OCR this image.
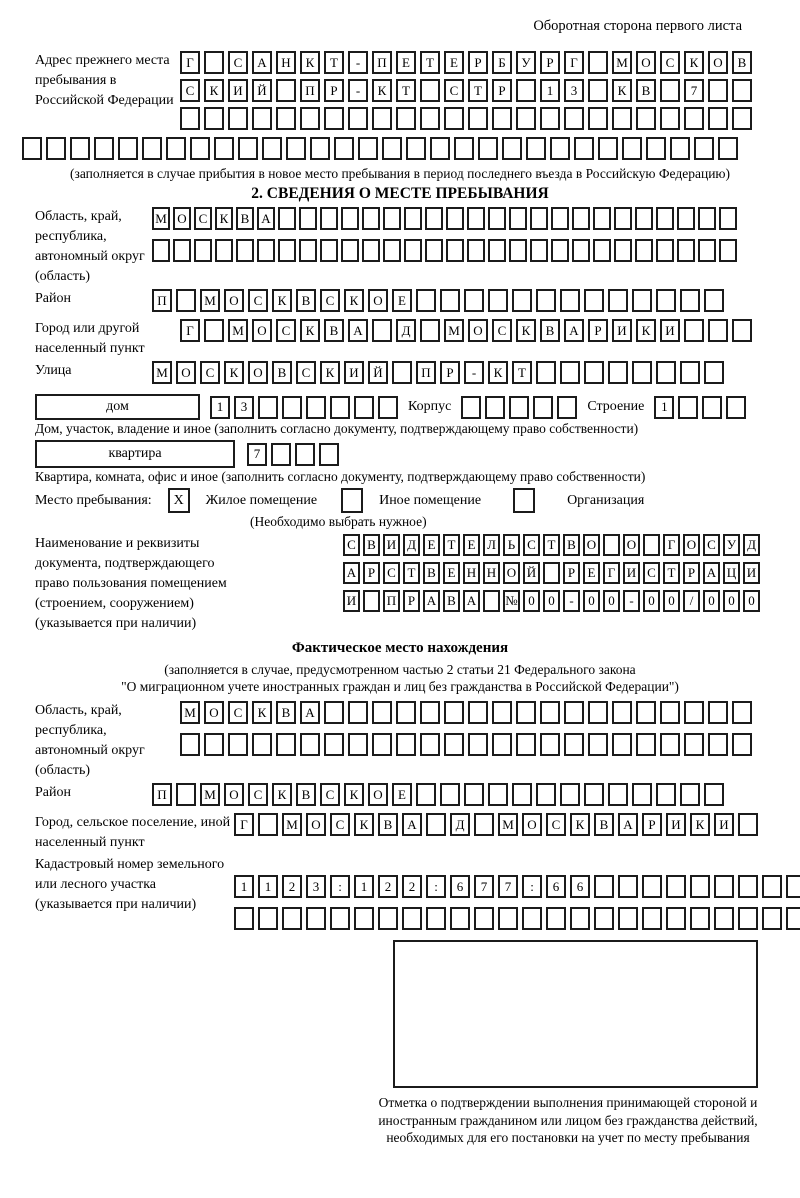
Оборотная сторона первого листа
Адрес прежнего места пребывания в Российской Федерации
Г	С	А	Н	К	Т	-	П	Е	Т	Е	Р	Б	У	Р	Г	М	О	С	К	О	В
С	К	И	Й	П	Р	-	К	Т	С	Т	Р	1	3	К	В	7
(заполняется в случае прибытия в новое место пребывания в период последнего въезда в Российскую Федерацию)
2. СВЕДЕНИЯ О МЕСТЕ ПРЕБЫВАНИЯ
Область, край, республика, автономный округ (область)
М О С К В А
Район	П	М	О	С	К	В	С	К	О	Е
Город или другой населенный пункт
Г	М	О	С	К	В	А	Д	М	О	С	К	В	А	Р	И	К	И
Улица	М	О	С	К	О	В	С	К	И	Й	П	Р	-	К	Т
дом	1	3	Корпус	Строение	1
Дом, участок, владение и иное (заполнить согласно документу, подтверждающему право собственности)
квартира	7
Квартира, комната, офис и иное (заполнить согласно документу, подтверждающему право собственности)
Место пребывания:	X	Жилое помещение	Иное помещение	Организация
(Необходимо выбрать нужное)
Наименование и реквизиты документа, подтверждающего право пользования помещением (строением, сооружением) (указывается при наличии)
С В И Д Е Т Е Л Ь С Т В О О	Г О С У Д
А Р С Т В Е Н Н О Й	Р Е Г И С Т Р А Ц И
И П Р А В А № 0	0	-	0	0	-	0	0	/	0	0	0
Фактическое место нахождения
(заполняется в случае, предусмотренном частью 2 статьи 21 Федерального закона
"О миграционном учете иностранных граждан и лиц без гражданства в Российской Федерации")
Область, край, республика, автономный округ (область)
М	О	С	К	В	А
Район	П	М	О	С	К	В	С	К	О	Е
Город, сельское поселение, иной населенный пункт
Г	М	О	С	К	В	А	Д	М	О	С	К	В	А	Р	И	К	И
Кадастровый номер земельного или лесного участка (указывается при наличии)
1	1	2	3	:	1	2	2	:	6	7	7	:	6	6
Отметка о подтверждении выполнения принимающей стороной и иностранным гражданином или лицом без гражданства действий, необходимых для его постановки на учет по месту пребывания
